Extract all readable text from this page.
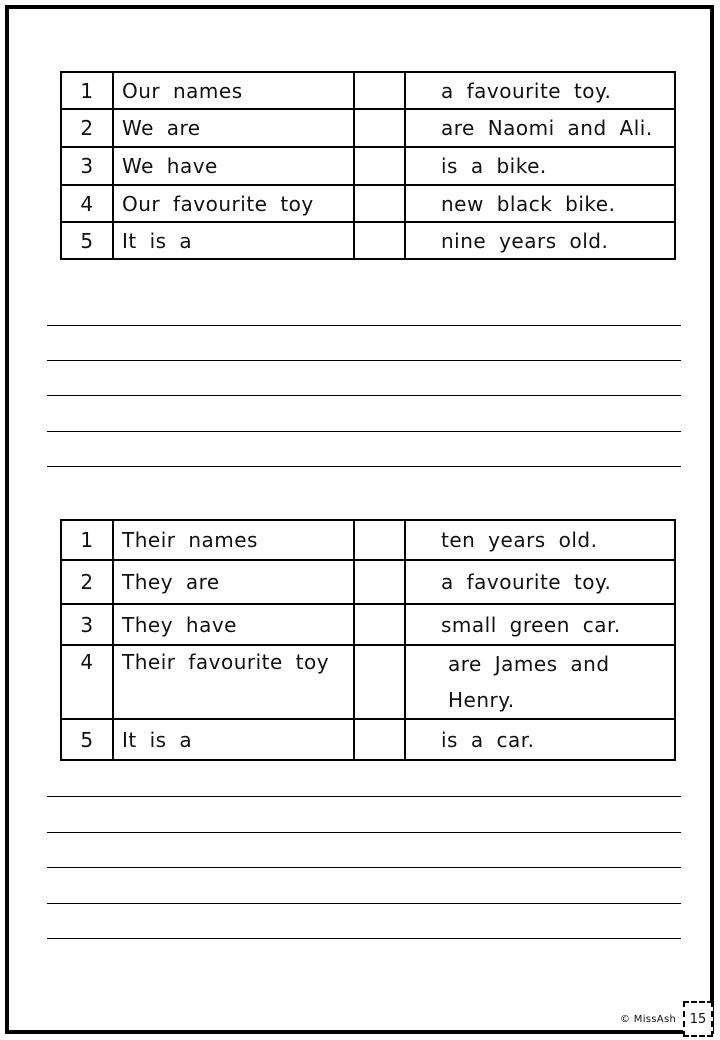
1	Our names		a favourite toy.
2	We are		are Naomi and Ali.
3	We have		is a bike.
4	Our favourite toy		new black bike.
5	It is a		nine years old.
1	Their names		ten years old.
2	They are		a favourite toy.
3	They have		small green car.
4	Their favourite toy		are James and
Henry.

5	It is a		is a car.
© MissAsh	15
